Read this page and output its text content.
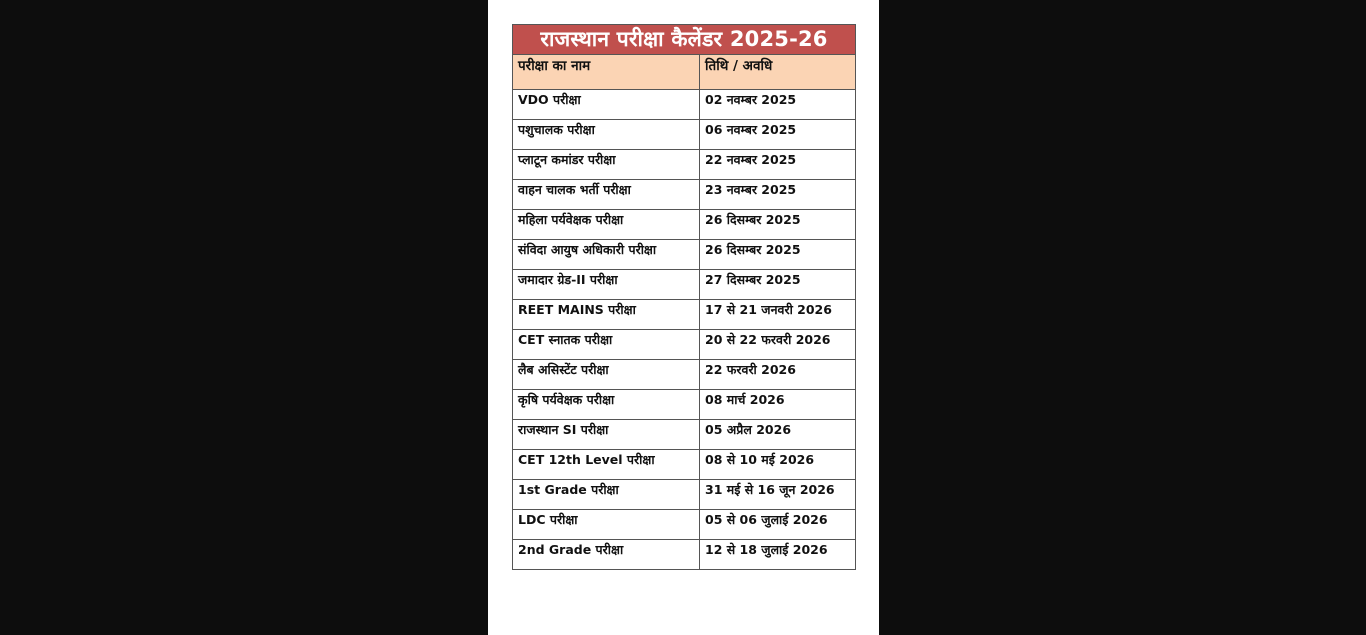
राजस्थान परीक्षा कैलेंडर 2025-26	
परीक्षा का नाम	तिथि / अवधि
VDO परीक्षा	02 नवम्बर 2025
पशुचालक परीक्षा	06 नवम्बर 2025
प्लाटून कमांडर परीक्षा	22 नवम्बर 2025
वाहन चालक भर्ती परीक्षा	23 नवम्बर 2025
महिला पर्यवेक्षक परीक्षा	26 दिसम्बर 2025
संविदा आयुष अधिकारी परीक्षा	26 दिसम्बर 2025
जमादार ग्रेड-II परीक्षा	27 दिसम्बर 2025
REET MAINS परीक्षा	17 से 21 जनवरी 2026
CET स्नातक परीक्षा	20 से 22 फरवरी 2026
लैब असिस्टेंट परीक्षा	22 फरवरी 2026
कृषि पर्यवेक्षक परीक्षा	08 मार्च 2026
राजस्थान SI परीक्षा	05 अप्रैल 2026
CET 12th Level परीक्षा	08 से 10 मई 2026
1st Grade परीक्षा	31 मई से 16 जून 2026
LDC परीक्षा	05 से 06 जुलाई 2026
2nd Grade परीक्षा	12 से 18 जुलाई 2026
